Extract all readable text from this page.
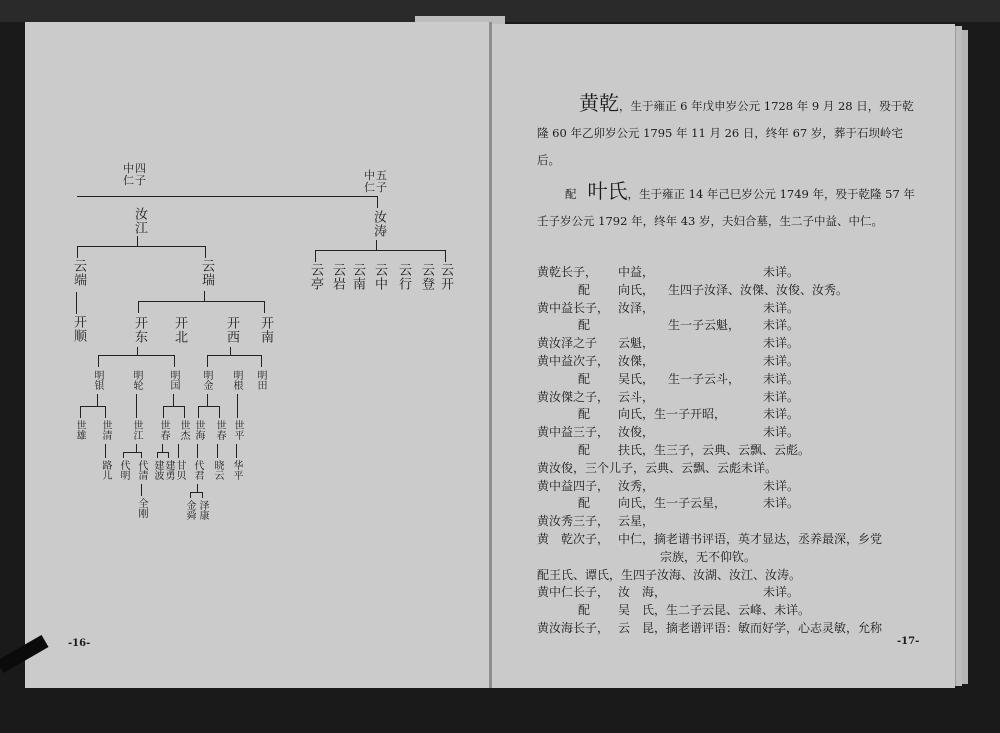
中四仁子	中五仁子
汝江	汝涛
云亭 云岩 云南 云中 云行 云登 云开
云端	云瑞
开顺	开东 开北	开西 开南
明银	明轮	明国 明金 明根 明田
世雄 世清 世江 世春 世杰 世海 世春 世平
路儿 代明 代清 建波 建勇 甘贝 代君 晓云 华平
全刚	金舜 泽康
-16-
黄乾，生于雍正 6 年戊申岁公元 1728 年 9 月 28 日，殁于乾隆 60 年乙卯岁公元 1795 年 11 月 26 日，终年 67 岁，葬于石坝岭宅后。
配 叶氏，生于雍正 14 年己巳岁公元 1749 年，殁于乾隆 57 年壬子岁公元 1792 年，终年 43 岁，夫妇合墓，生二子中益、中仁。
黄乾长子， 中益，	未详。
配 向氏， 生四子汝泽、汝傑、汝俊、汝秀。
黄中益长子， 汝泽，	未详。
配	生一子云魁， 未详。
黄汝泽之子 云魁，	未详。
黄中益次子， 汝傑，	未详。
配 吴氏， 生一子云斗， 未详。
黄汝傑之子， 云斗，	未详。
配 向氏，生一子开昭，	未详。
黄中益三子， 汝俊，	未详。
配 扶氏，生三子，云典、云飘、云彪。
黄汝俊，三个儿子，云典、云飘、云彪未详。
黄中益四子， 汝秀，	未详。
配 向氏，生一子云星，	未详。
黄汝秀三子， 云星，
黄　乾次子， 中仁，摘老谱书评语，英才显达，丞养最深，乡党
宗族，无不仰钦。
配王氏、谭氏，生四子汝海、汝湖、汝江、汝涛。
黄中仁长子， 汝　海，	未详。
配 吴　氏，生二子云昆、云峰、未详。
黄汝海长子， 云　昆，摘老谱评语：敏而好学，心志灵敏，允称
-17-
